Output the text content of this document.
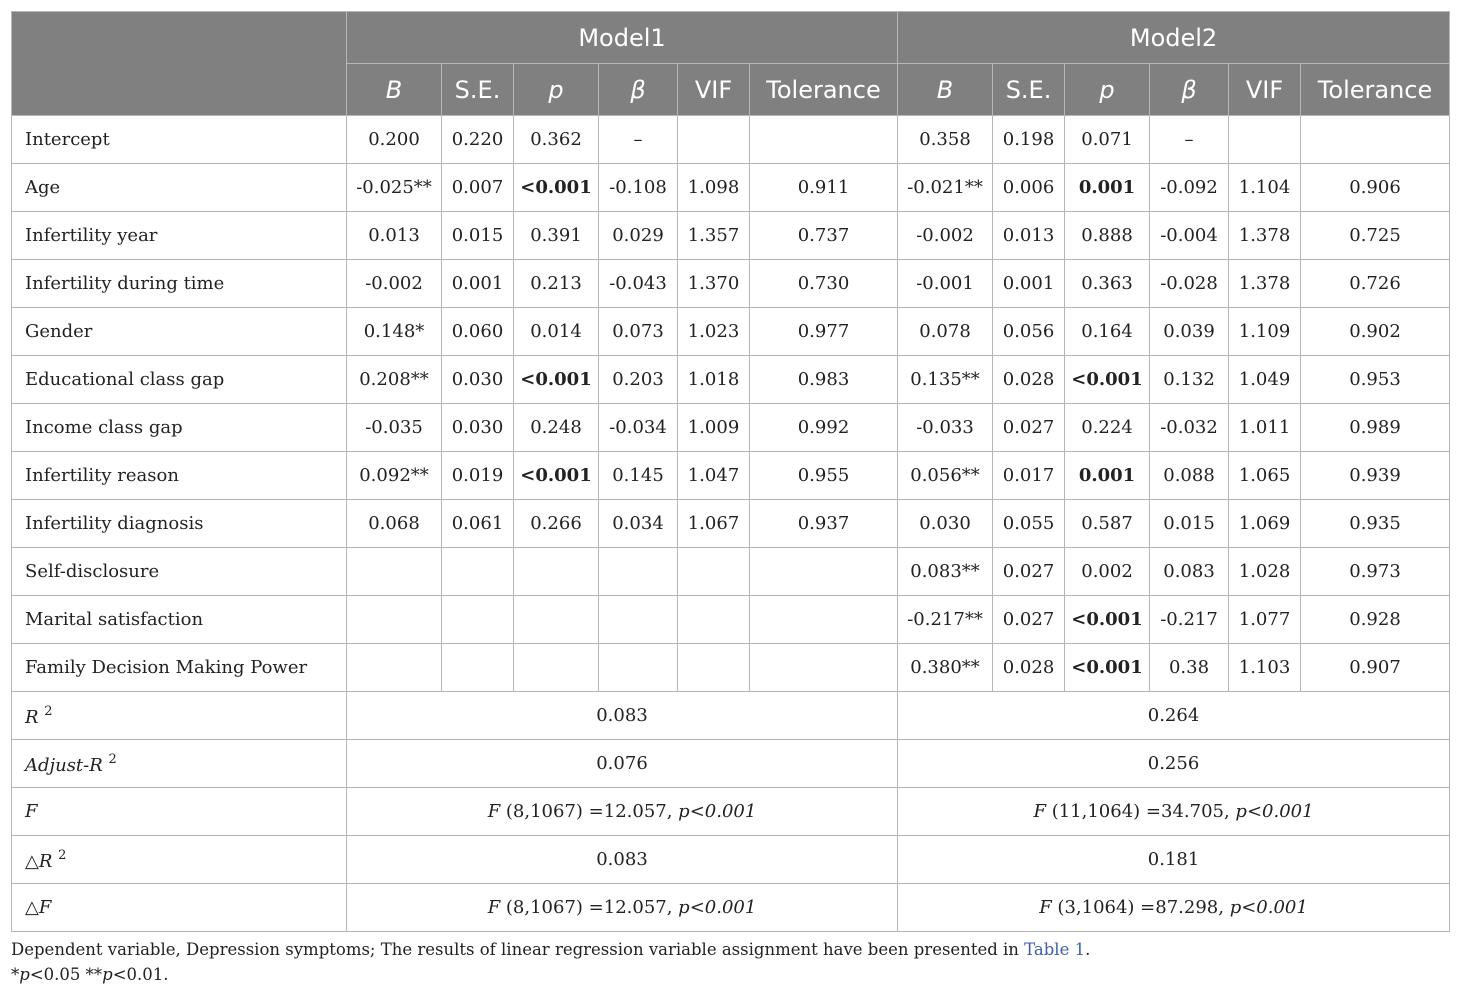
	Model1						Model2					
	B	S.E.	p	β	VIF	Tolerance	B	S.E.	p	β	VIF	Tolerance
Intercept	0.200	0.220	0.362	–			0.358	0.198	0.071	–		
Age	-0.025**	0.007	<0.001	-0.108	1.098	0.911	-0.021**	0.006	0.001	-0.092	1.104	0.906
Infertility year	0.013	0.015	0.391	0.029	1.357	0.737	-0.002	0.013	0.888	-0.004	1.378	0.725
Infertility during time	-0.002	0.001	0.213	-0.043	1.370	0.730	-0.001	0.001	0.363	-0.028	1.378	0.726
Gender	0.148*	0.060	0.014	0.073	1.023	0.977	0.078	0.056	0.164	0.039	1.109	0.902
Educational class gap	0.208**	0.030	<0.001	0.203	1.018	0.983	0.135**	0.028	<0.001	0.132	1.049	0.953
Income class gap	-0.035	0.030	0.248	-0.034	1.009	0.992	-0.033	0.027	0.224	-0.032	1.011	0.989
Infertility reason	0.092**	0.019	<0.001	0.145	1.047	0.955	0.056**	0.017	0.001	0.088	1.065	0.939
Infertility diagnosis	0.068	0.061	0.266	0.034	1.067	0.937	0.030	0.055	0.587	0.015	1.069	0.935
Self-disclosure							0.083**	0.027	0.002	0.083	1.028	0.973
Marital satisfaction							-0.217**	0.027	<0.001	-0.217	1.077	0.928
Family Decision Making Power							0.380**	0.028	<0.001	0.38	1.103	0.907
R $^2$	0.083						0.264					
Adjust-R $^2$	0.076						0.256					
F	F (8,1067) =12.057, p<0.001						F (11,1064) =34.705, p<0.001					
△R $^2$	0.083						0.181					
△F	F (8,1067) =12.057, p<0.001						F (3,1064) =87.298, p<0.001					
Dependent variable, Depression symptoms; The results of linear regression variable assignment have been presented in Table 1.
*p<0.05 **p<0.01.
